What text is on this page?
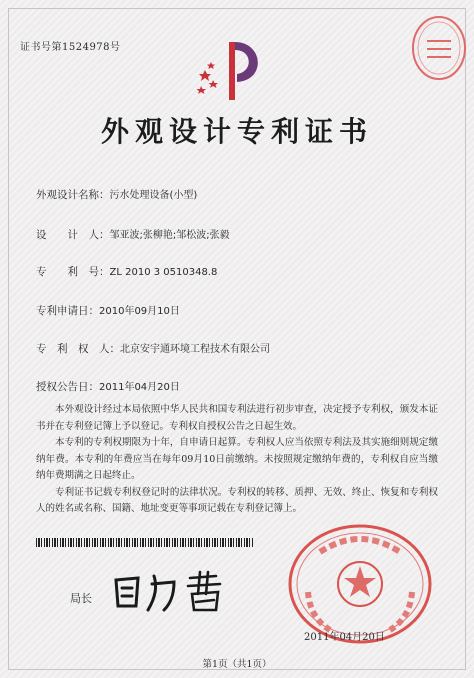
证书号第1524978号
外观设计专利证书
外观设计名称：污水处理设备(小型)
设　　计　人：邹亚波;张柳艳;邹松波;张毅
专　　利　号：ZL 2010 3 0510348.8
专利申请日：2010年09月10日
专　利　权　人：北京安宇通环境工程技术有限公司
授权公告日：2011年04月20日

本外观设计经过本局依照中华人民共和国专利法进行初步审查，决定授予专利权，颁发本证书并在专利登记簿上予以登记。专利权自授权公告之日起生效。

本专利的专利权期限为十年，自申请日起算。专利权人应当依照专利法及其实施细则规定缴纳年费。本专利的年费应当在每年09月10日前缴纳。未按照规定缴纳年费的，专利权自应当缴纳年费期满之日起终止。

专利证书记载专利权登记时的法律状况。专利权的转移、质押、无效、终止、恢复和专利权人的姓名或名称、国籍、地址变更等事项记载在专利登记簿上。

局长
2011年04月20日
第1页（共1页）
